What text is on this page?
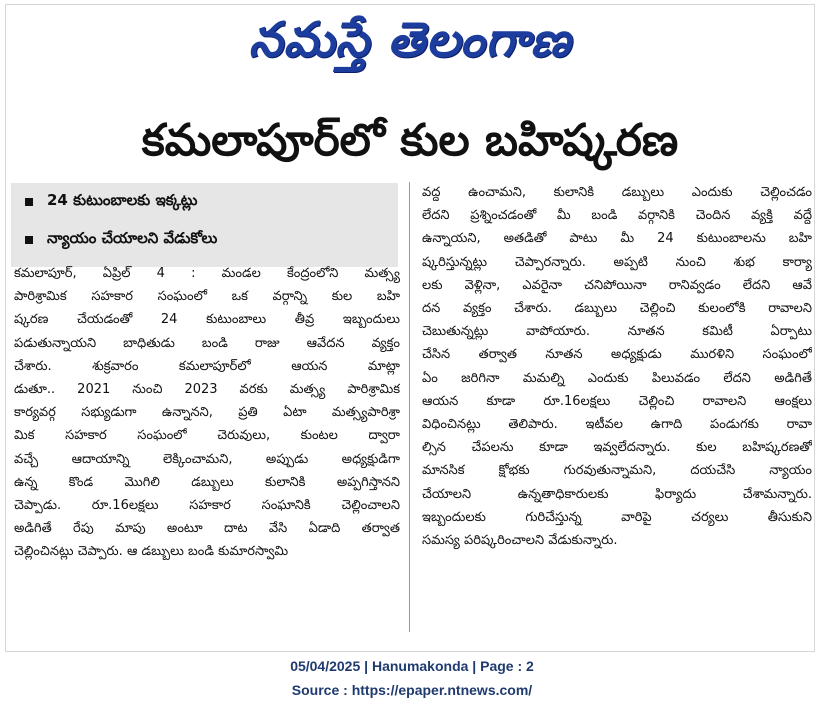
నమస్తే తెలంగాణ
కమలాపూర్‌లో కుల బహిష్కరణ
24 కుటుంబాలకు ఇక్కట్లు
న్యాయం చేయాలని వేడుకోలు
కమలాపూర్, ఏప్రిల్ 4 : మండల కేంద్రంలోని మత్స్య
పారిశ్రామిక సహకార సంఘంలో ఒక వర్గాన్ని కుల బహి
ష్కరణ చేయడంతో 24 కుటుంబాలు తీవ్ర ఇబ్బందులు
పడుతున్నాయని బాధితుడు బండి రాజు ఆవేదన వ్యక్తం
చేశారు. శుక్రవారం కమలాపూర్‌లో ఆయన మాట్లా
డుతూ.. 2021 నుంచి 2023 వరకు మత్స్య పారిశ్రామిక
కార్యవర్గ సభ్యుడుగా ఉన్నానని, ప్రతి ఏటా మత్స్యపారిశ్రా
మిక సహకార సంఘంలో చెరువులు, కుంటల ద్వారా
వచ్చే ఆదాయాన్ని లెక్కించామని, అప్పుడు అధ్యక్షుడిగా
ఉన్న కొండ మొగిలి డబ్బులు కులానికి అప్పగిస్తానని
చెప్పాడు. రూ.16లక్షలు సహకార సంఘానికి చెల్లించాలని
అడిగితే రేపు మాపు అంటూ దాట వేసి ఏడాది తర్వాత
చెల్లించినట్లు చెప్పారు. ఆ డబ్బులు బండి కుమారస్వామి
వద్ద ఉంచామని, కులానికి డబ్బులు ఎందుకు చెల్లించడం
లేదని ప్రశ్నించడంతో మీ బండి వర్గానికి చెందిన వ్యక్తి వద్దే
ఉన్నాయని, అతడితో పాటు మీ 24 కుటుంబాలను బహి
ష్కరిస్తున్నట్లు చెప్పారన్నారు. అప్పటి నుంచి శుభ కార్యా
లకు వెళ్లినా, ఎవరైనా చనిపోయినా రానివ్వడం లేదని ఆవే
దన వ్యక్తం చేశారు. డబ్బులు చెల్లించి కులంలోకి రావాలని
చెబుతున్నట్లు వాపోయారు. నూతన కమిటీ ఏర్పాటు
చేసిన తర్వాత నూతన అధ్యక్షుడు మురళిని సంఘంలో
ఏం జరిగినా మమల్ని ఎందుకు పిలువడం లేదని అడిగితే
ఆయన కూడా రూ.16లక్షలు చెల్లించి రావాలని ఆంక్షలు
విధించినట్లు తెలిపారు. ఇటీవల ఉగాది పండుగకు రావా
ల్సిన చేపలను కూడా ఇవ్వలేదన్నారు. కుల బహిష్కరణతో
మానసిక క్షోభకు గురవుతున్నామని, దయచేసి న్యాయం
చేయాలని ఉన్నతాధికారులకు ఫిర్యాదు చేశామన్నారు.
ఇబ్బందులకు గురిచేస్తున్న వారిపై చర్యలు తీసుకుని
సమస్య పరిష్కరించాలని వేడుకున్నారు.
05/04/2025 | Hanumakonda | Page : 2
Source : https://epaper.ntnews.com/
